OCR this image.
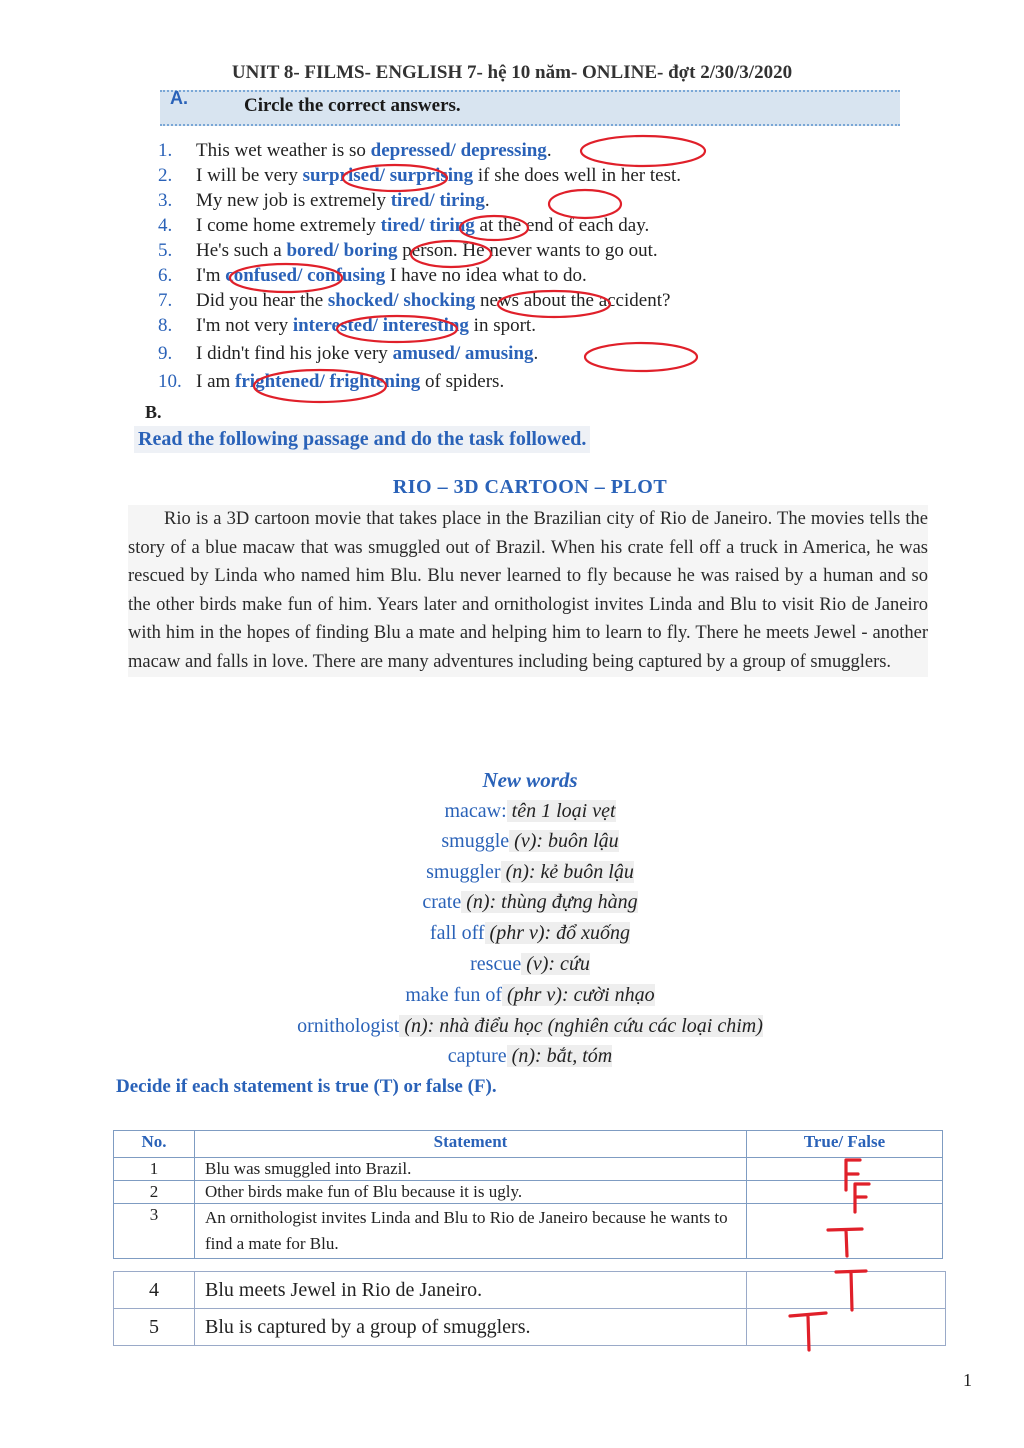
UNIT 8- FILMS- ENGLISH 7- hệ 10 năm- ONLINE- đợt 2/30/3/2020
A.	Circle the correct answers.
1. This wet weather is so depressed/ depressing.
2. I will be very surprised/ surprising if she does well in her test.
3. My new job is extremely tired/ tiring.
4. I come home extremely tired/ tiring at the end of each day.
5. He's such a bored/ boring person. He never wants to go out.
6. I'm confused/ confusing I have no idea what to do.
7. Did you hear the shocked/ shocking news about the accident?
8. I'm not very interested/ interesting in sport.
9. I didn't find his joke very amused/ amusing.
10. I am frightened/ frightening of spiders.
B.
Read the following passage and do the task followed.
RIO – 3D CARTOON – PLOT
Rio is a 3D cartoon movie that takes place in the Brazilian city of Rio de Janeiro. The movies tells the story of a blue macaw that was smuggled out of Brazil. When his crate fell off a truck in America, he was rescued by Linda who named him Blu. Blu never learned to fly because he was raised by a human and so the other birds make fun of him. Years later and ornithologist invites Linda and Blu to visit Rio de Janeiro with him in the hopes of finding Blu a mate and helping him to learn to fly. There he meets Jewel - another macaw and falls in love. There are many adventures including being captured by a group of smugglers.
New words
macaw: tên 1 loại vẹt
smuggle (v): buôn lậu
smuggler (n): kẻ buôn lậu
crate (n): thùng đựng hàng
fall off (phr v): đổ xuống
rescue (v): cứu
make fun of (phr v): cười nhạo
ornithologist (n): nhà điểu học (nghiên cứu các loại chim)
capture (n): bắt, tóm
Decide if each statement is true (T) or false (F).
No.	Statement	True/ False
1	Blu was smuggled into Brazil.	
2	Other birds make fun of Blu because it is ugly.	
3	An ornithologist invites Linda and Blu to Rio de Janeiro because he wants to find a mate for Blu.	
4	Blu meets Jewel in Rio de Janeiro.	
5	Blu is captured by a group of smugglers.	
1
